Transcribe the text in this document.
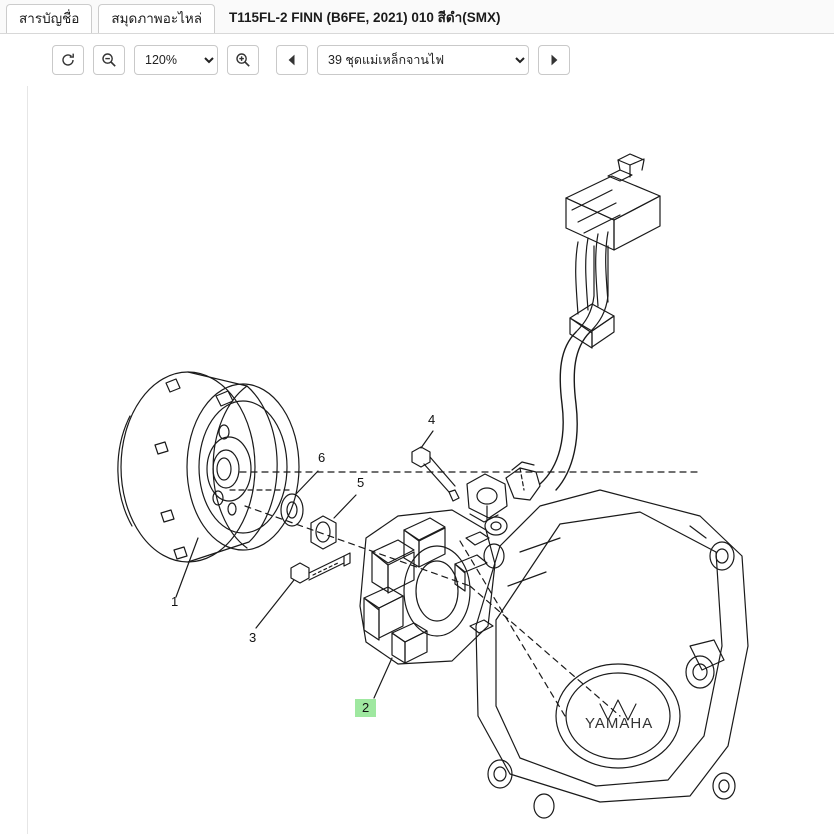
สารบัญชื่อ	สมุดภาพอะไหล่	T115FL-2 FINN (B6FE, 2021) 010 สีดำ(SMX)
120%
39 ชุดแม่เหล็กจานไฟ
1
2
3
4
5
6
YAMAHA
